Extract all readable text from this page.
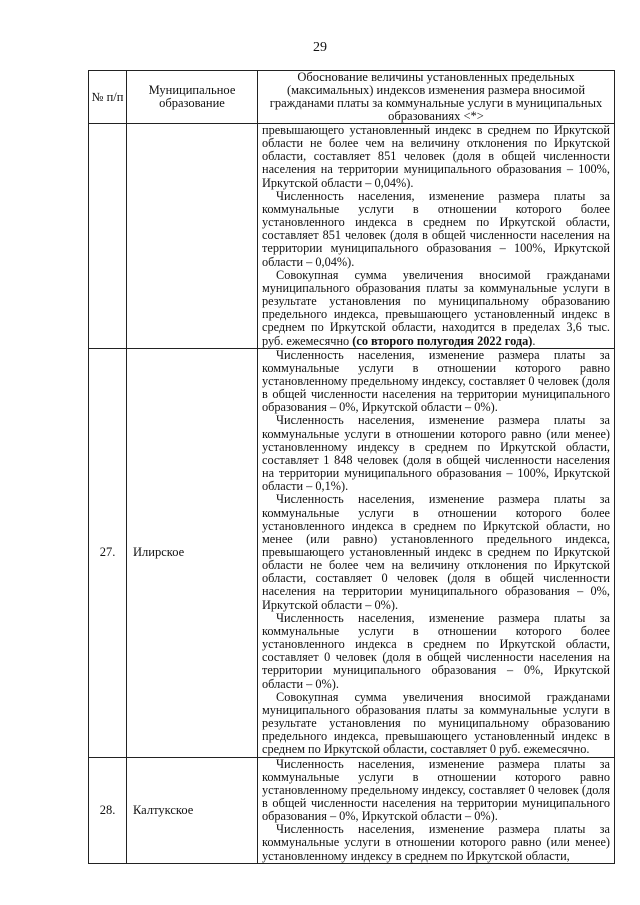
29
№ п/п	Муниципальное образование	Обоснование величины установленных предельных (максимальных) индексов изменения размера вносимой гражданами платы за коммунальные услуги в муниципальных образованиях <*>

		превышающего установленный индекс в среднем по Иркутской области не более чем на величину отклонения по Иркутской области, составляет 851 человек (доля в общей численности населения на территории муниципального образования – 100%, Иркутской области – 0,04%).

Численность населения, изменение размера платы за коммунальные услуги в отношении которого более установленного индекса в среднем по Иркутской области, составляет 851 человек (доля в общей численности населения на территории муниципального образования – 100%, Иркутской области – 0,04%).

Совокупная сумма увеличения вносимой гражданами муниципального образования платы за коммунальные услуги в результате установления по муниципальному образованию предельного индекса, превышающего установленный индекс в среднем по Иркутской области, находится в пределах 3,6 тыс. руб. ежемесячно (со второго полугодия 2022 года).

27.	Илирское	Численность населения, изменение размера платы за коммунальные услуги в отношении которого равно установленному предельному индексу, составляет 0 человек (доля в общей численности населения на территории муниципального образования – 0%, Иркутской области – 0%).

Численность населения, изменение размера платы за коммунальные услуги в отношении которого равно (или менее) установленному индексу в среднем по Иркутской области, составляет 1 848 человек (доля в общей численности населения на территории муниципального образования – 100%, Иркутской области – 0,1%).

Численность населения, изменение размера платы за коммунальные услуги в отношении которого более установленного индекса в среднем по Иркутской области, но менее (или равно) установленного предельного индекса, превышающего установленный индекс в среднем по Иркутской области не более чем на величину отклонения по Иркутской области, составляет 0 человек (доля в общей численности населения на территории муниципального образования – 0%, Иркутской области – 0%).

Численность населения, изменение размера платы за коммунальные услуги в отношении которого более установленного индекса в среднем по Иркутской области, составляет 0 человек (доля в общей численности населения на территории муниципального образования – 0%, Иркутской области – 0%).

Совокупная сумма увеличения вносимой гражданами муниципального образования платы за коммунальные услуги в результате установления по муниципальному образованию предельного индекса, превышающего установленный индекс в среднем по Иркутской области, составляет 0 руб. ежемесячно.

28.	Калтукское	Численность населения, изменение размера платы за коммунальные услуги в отношении которого равно установленному предельному индексу, составляет 0 человек (доля в общей численности населения на территории муниципального образования – 0%, Иркутской области – 0%).

Численность населения, изменение размера платы за коммунальные услуги в отношении которого равно (или менее) установленному индексу в среднем по Иркутской области,
